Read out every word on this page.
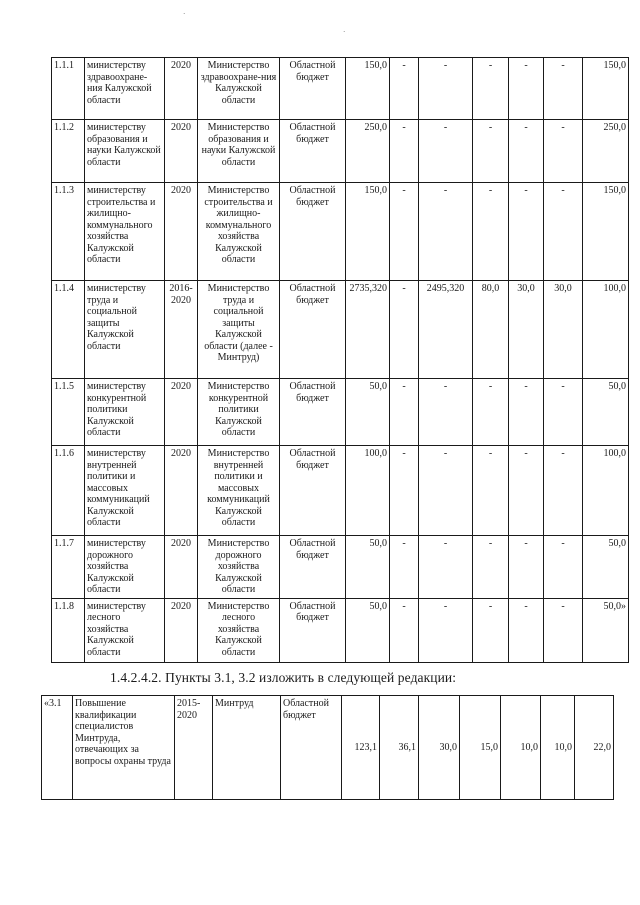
1.1.1	министерству здравоохране-ния Калужской области	2020	Министерство здравоохране-ния Калужской области	Областной бюджет	150,0	-	-	-	-	-	150,0
1.1.2	министерству образования и науки Калужской области	2020	Министерство образования и науки Калужской области	Областной бюджет	250,0	-	-	-	-	-	250,0
1.1.3	министерству строительства и жилищно-коммунального хозяйства Калужской области	2020	Министерство строительства и жилищно-коммунального хозяйства Калужской области	Областной бюджет	150,0	-	-	-	-	-	150,0
1.1.4	министерству труда и социальной защиты Калужской области	2016-2020	Министерство труда и социальной защиты Калужской области (далее - Минтруд)	Областной бюджет	2735,320	-	2495,320	80,0	30,0	30,0	100,0
1.1.5	министерству конкурентной политики Калужской области	2020	Министерство конкурентной политики Калужской области	Областной бюджет	50,0	-	-	-	-	-	50,0
1.1.6	министерству внутренней политики и массовых коммуникаций Калужской области	2020	Министерство внутренней политики и массовых коммуникаций Калужской области	Областной бюджет	100,0	-	-	-	-	-	100,0
1.1.7	министерству дорожного хозяйства Калужской области	2020	Министерство дорожного хозяйства Калужской области	Областной бюджет	50,0	-	-	-	-	-	50,0
1.1.8	министерству лесного хозяйства Калужской области	2020	Министерство лесного хозяйства Калужской области	Областной бюджет	50,0	-	-	-	-	-	50,0»
1.4.2.4.2. Пункты 3.1, 3.2 изложить в следующей редакции:
«3.1	Повышение квалификации специалистов Минтруда, отвечающих за вопросы охраны труда	2015-2020	Минтруд	Областной бюджет	123,1	36,1	30,0	15,0	10,0	10,0	22,0
·
·
